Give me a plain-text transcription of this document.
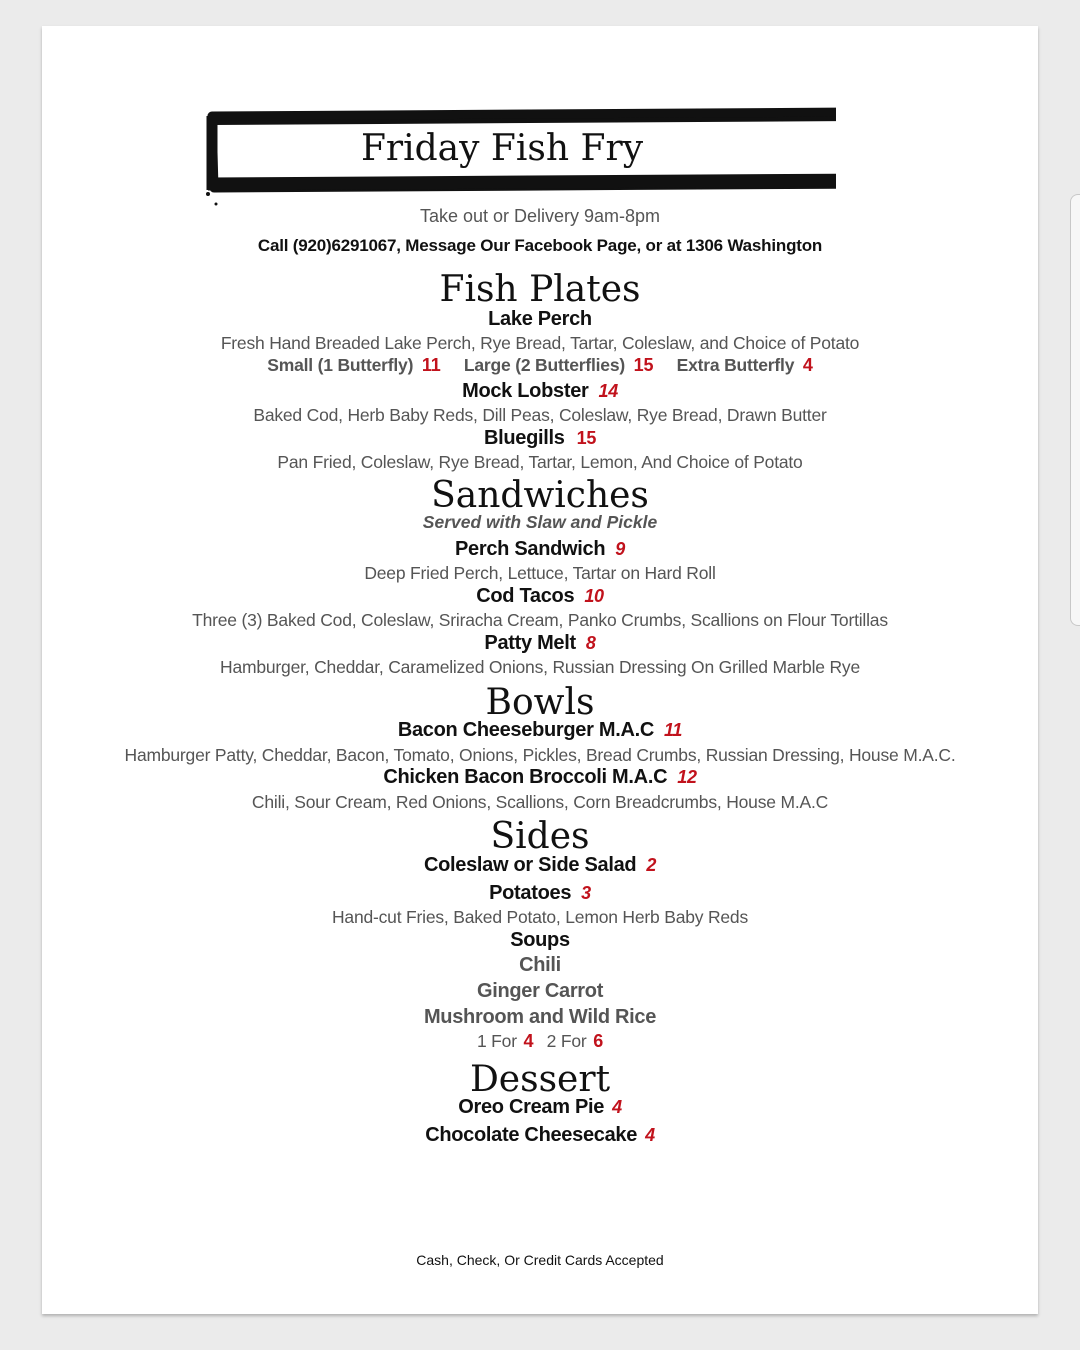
Friday Fish Fry
Take out or Delivery 9am-8pm
Call (920)6291067, Message Our Facebook Page, or at 1306 Washington
Fish Plates
Lake Perch
Fresh Hand Breaded Lake Perch, Rye Bread, Tartar, Coleslaw, and Choice of Potato
Small (1 Butterfly) 11 Large (2 Butterflies) 15 Extra Butterfly 4
Mock Lobster 14
Baked Cod, Herb Baby Reds, Dill Peas, Coleslaw, Rye Bread, Drawn Butter
Bluegills 15
Pan Fried, Coleslaw, Rye Bread, Tartar, Lemon, And Choice of Potato
Sandwiches
Served with Slaw and Pickle
Perch Sandwich 9
Deep Fried Perch, Lettuce, Tartar on Hard Roll
Cod Tacos 10
Three (3) Baked Cod, Coleslaw, Sriracha Cream, Panko Crumbs, Scallions on Flour Tortillas
Patty Melt 8
Hamburger, Cheddar, Caramelized Onions, Russian Dressing On Grilled Marble Rye
Bowls
Bacon Cheeseburger M.A.C 11
Hamburger Patty, Cheddar, Bacon, Tomato, Onions, Pickles, Bread Crumbs, Russian Dressing, House M.A.C.
Chicken Bacon Broccoli M.A.C 12
Chili, Sour Cream, Red Onions, Scallions, Corn Breadcrumbs, House M.A.C
Sides
Coleslaw or Side Salad 2
Potatoes 3
Hand-cut Fries, Baked Potato, Lemon Herb Baby Reds
Soups
Chili
Ginger Carrot
Mushroom and Wild Rice
1 For 4 2 For 6
Dessert
Oreo Cream Pie 4
Chocolate Cheesecake 4
Cash, Check, Or Credit Cards Accepted
